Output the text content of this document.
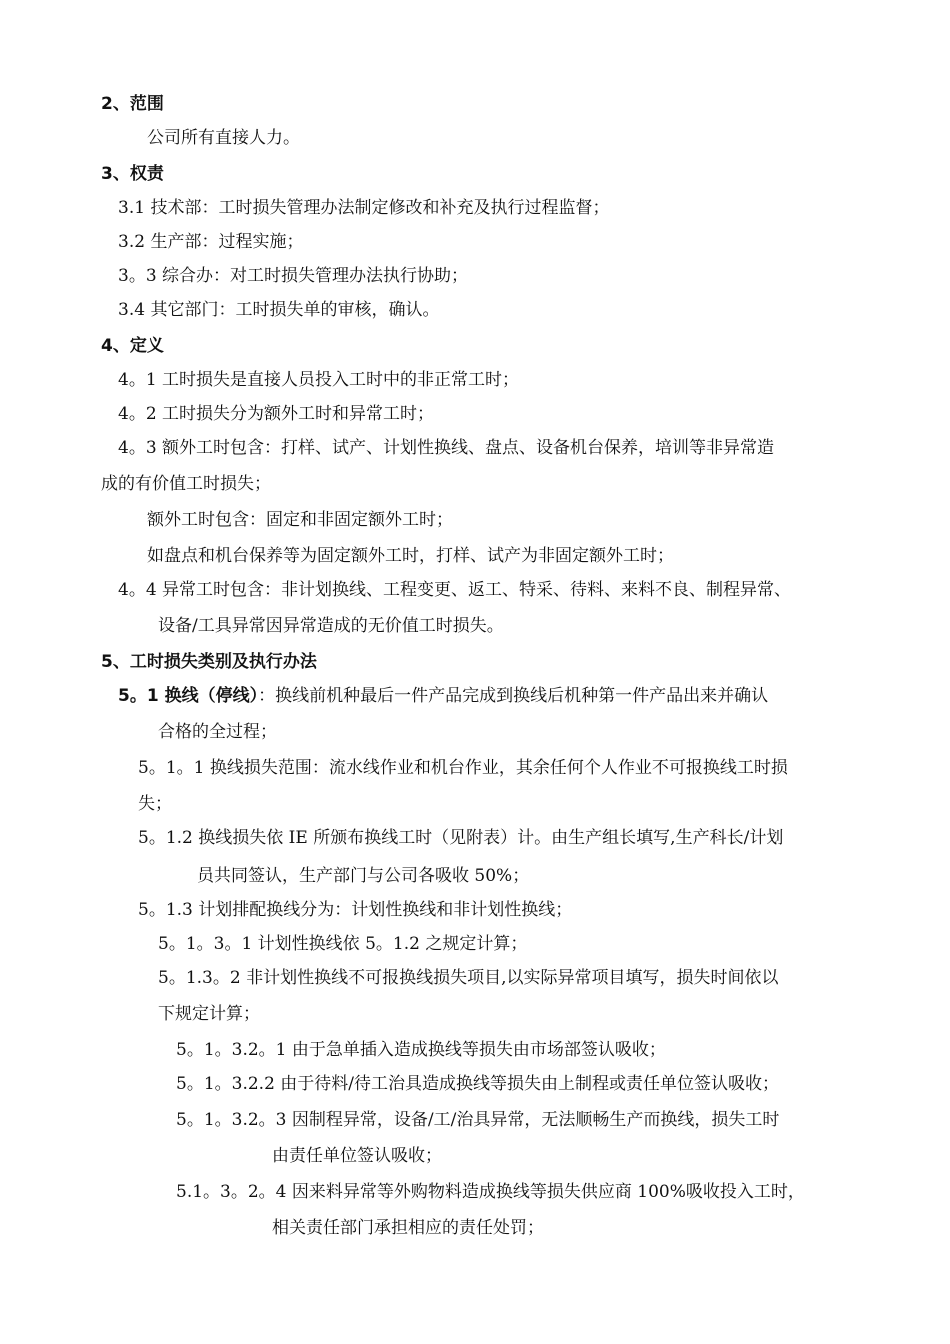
2、范围
公司所有直接人力。
3、权责
3.1 技术部：工时损失管理办法制定修改和补充及执行过程监督；
3.2 生产部：过程实施；
3。3 综合办：对工时损失管理办法执行协助；
3.4 其它部门：工时损失单的审核，确认。
4、定义
4。1 工时损失是直接人员投入工时中的非正常工时；
4。2 工时损失分为额外工时和异常工时；
4。3 额外工时包含：打样、试产、计划性换线、盘点、设备机台保养，培训等非异常造
成的有价值工时损失；
额外工时包含：固定和非固定额外工时；
如盘点和机台保养等为固定额外工时，打样、试产为非固定额外工时；
4。4 异常工时包含：非计划换线、工程变更、返工、特采、待料、来料不良、制程异常、
设备/工具异常因异常造成的无价值工时损失。
5、工时损失类别及执行办法
5。1 换线（停线）：换线前机种最后一件产品完成到换线后机种第一件产品出来并确认
合格的全过程；
5。1。1 换线损失范围：流水线作业和机台作业，其余任何个人作业不可报换线工时损
失；
5。1.2 换线损失依 IE 所颁布换线工时（见附表）计。由生产组长填写,生产科长/计划
员共同签认，生产部门与公司各吸收 50%；
5。1.3 计划排配换线分为：计划性换线和非计划性换线；
5。1。3。1 计划性换线依 5。1.2 之规定计算；
5。1.3。2 非计划性换线不可报换线损失项目,以实际异常项目填写，损失时间依以
下规定计算；
5。1。3.2。1 由于急单插入造成换线等损失由市场部签认吸收；
5。1。3.2.2 由于待料/待工治具造成换线等损失由上制程或责任单位签认吸收；
5。1。3.2。3 因制程异常，设备/工/治具异常，无法顺畅生产而换线，损失工时
由责任单位签认吸收；
5.1。3。2。4 因来料异常等外购物料造成换线等损失供应商 100%吸收投入工时，
相关责任部门承担相应的责任处罚；
